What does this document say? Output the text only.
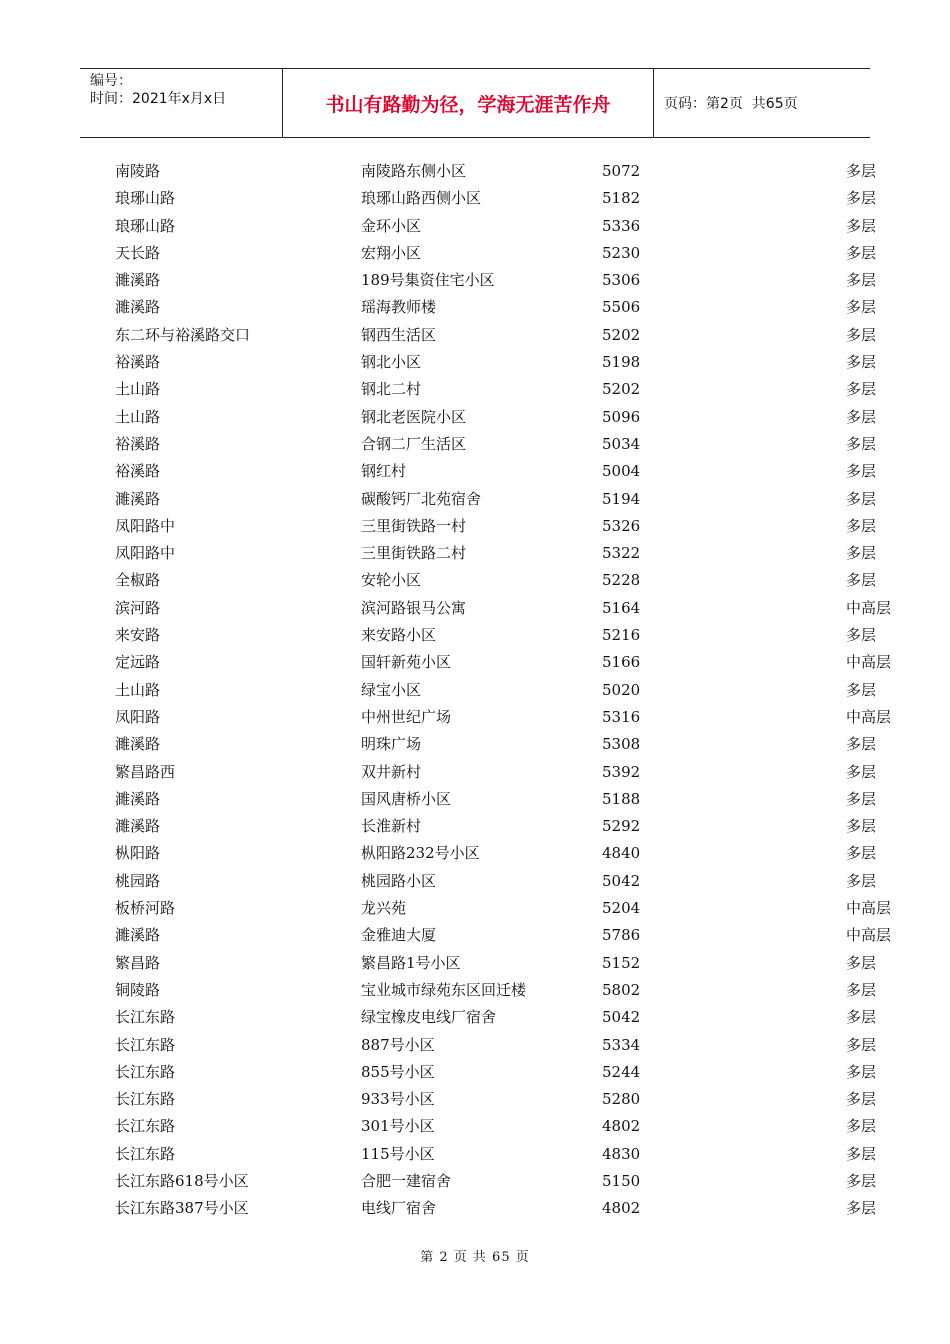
编号：
时间：2021年x月x日	书山有路勤为径，学海无涯苦作舟	页码：第2页  共65页
南陵路	南陵路东侧小区	5072	多层
琅琊山路	琅琊山路西侧小区	5182	多层
琅琊山路	金环小区	5336	多层
天长路	宏翔小区	5230	多层
濉溪路	189号集资住宅小区	5306	多层
濉溪路	瑶海教师楼	5506	多层
东二环与裕溪路交口	钢西生活区	5202	多层
裕溪路	钢北小区	5198	多层
土山路	钢北二村	5202	多层
土山路	钢北老医院小区	5096	多层
裕溪路	合钢二厂生活区	5034	多层
裕溪路	钢红村	5004	多层
濉溪路	碳酸钙厂北苑宿舍	5194	多层
凤阳路中	三里街铁路一村	5326	多层
凤阳路中	三里街铁路二村	5322	多层
全椒路	安轮小区	5228	多层
滨河路	滨河路银马公寓	5164	中高层
来安路	来安路小区	5216	多层
定远路	国轩新苑小区	5166	中高层
土山路	绿宝小区	5020	多层
凤阳路	中州世纪广场	5316	中高层
濉溪路	明珠广场	5308	多层
繁昌路西	双井新村	5392	多层
濉溪路	国风唐桥小区	5188	多层
濉溪路	长淮新村	5292	多层
枞阳路	枞阳路232号小区	4840	多层
桃园路	桃园路小区	5042	多层
板桥河路	龙兴苑	5204	中高层
濉溪路	金雅迪大厦	5786	中高层
繁昌路	繁昌路1号小区	5152	多层
铜陵路	宝业城市绿苑东区回迁楼	5802	多层
长江东路	绿宝橡皮电线厂宿舍	5042	多层
长江东路	887号小区	5334	多层
长江东路	855号小区	5244	多层
长江东路	933号小区	5280	多层
长江东路	301号小区	4802	多层
长江东路	115号小区	4830	多层
长江东路618号小区	合肥一建宿舍	5150	多层
长江东路387号小区	电线厂宿舍	4802	多层
第 2 页 共 65 页
